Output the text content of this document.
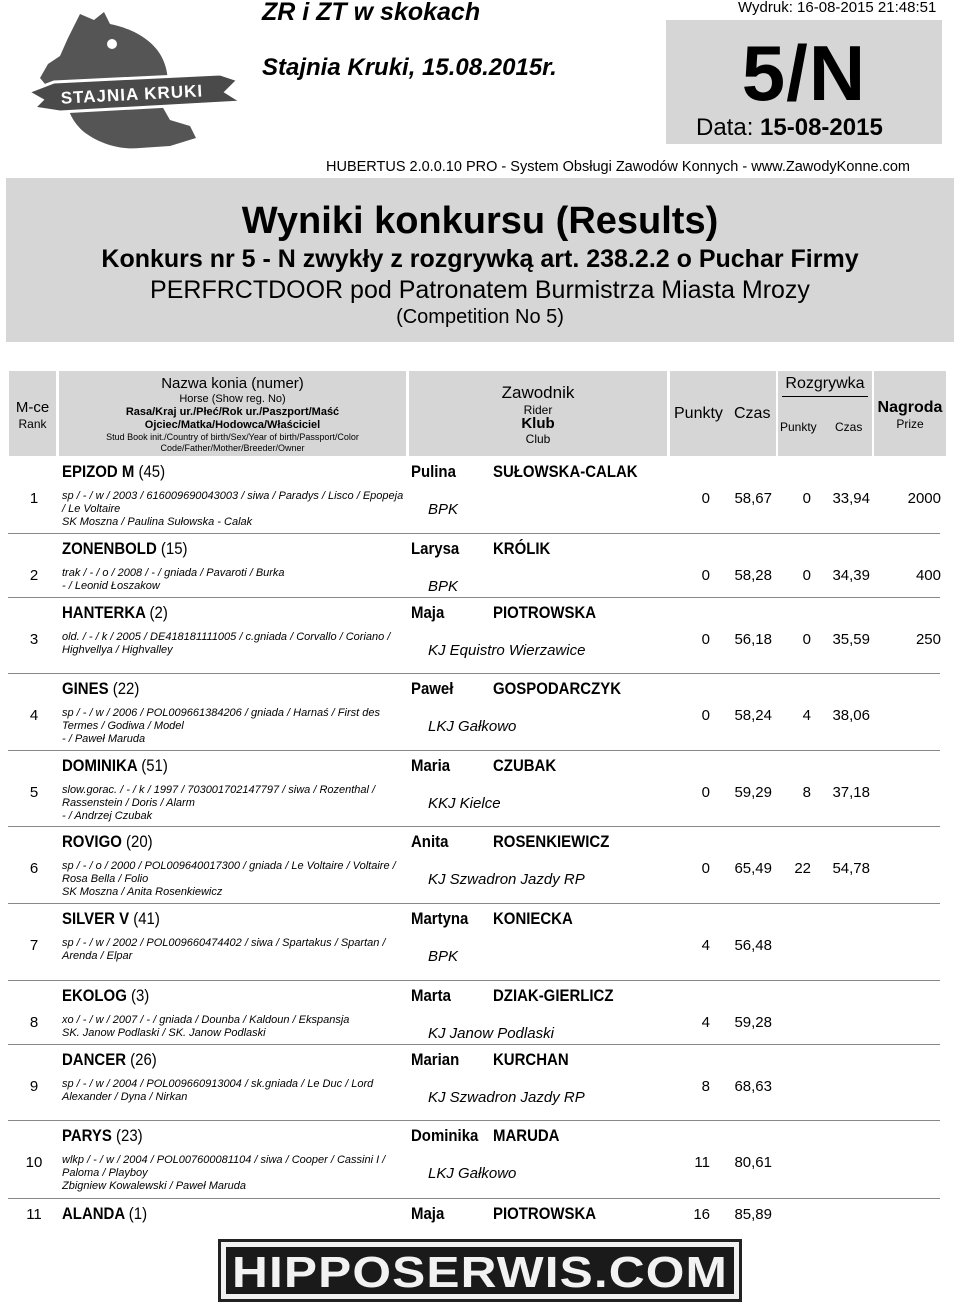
STAJNIA KRUKI
ZR i ZT w skokach
Stajnia Kruki, 15.08.2015r.
Wydruk: 16-08-2015 21:48:51
5/N
Data: 15-08-2015
HUBERTUS 2.0.0.10 PRO - System Obsługi Zawodów Konnych - www.ZawodyKonne.com
Wyniki konkursu (Results)
Konkurs nr 5 - N zwykły z rozgrywką art. 238.2.2 o Puchar Firmy
PERFRCTDOOR pod Patronatem Burmistrza Miasta Mrozy
(Competition No 5)
M-ce
Rank
Nazwa konia (numer)
Horse (Show reg. No)
Rasa/Kraj ur./Płeć/Rok ur./Paszport/Maść
Ojciec/Matka/Hodowca/Właściciel
Stud Book init./Country of birth/Sex/Year of birth/Passport/Color
Code/Father/Mother/Breeder/Owner
Zawodnik
Rider
Klub
Club
Punkty Czas
Rozgrywka
Punkty Czas
Nagroda
Prize
1
EPIZOD M (45)	Pulina SUŁOWSKA-CALAK
sp / - / w / 2003 / 616009690043003 / siwa / Paradys / Lisco / Epopeja / Le Voltaire
SK Moszna / Paulina Sułowska - Calak
BPK
0 58,67	0 33,94	2000
2
ZONENBOLD (15)	Larysa KRÓLIK
trak / - / o / 2008 / - / gniada / Pavaroti / Burka
- / Leonid Łoszakow	BPK
0 58,28	0 34,39	400
3
HANTERKA (2)	Maja	PIOTROWSKA
old. / - / k / 2005 / DE418181111005 / c.gniada / Corvallo / Coriano / Highvellya / Highvalley	KJ Equistro Wierzawice
0 56,18	0 35,59	250
4
GINES (22)	Paweł GOSPODARCZYK
sp / - / w / 2006 / POL009661384206 / gniada / Harnaś / First des Termes / Godiwa / Model
- / Paweł Maruda
LKJ Gałkowo
0 58,24	4 38,06
5
DOMINIKA (51)	Maria	CZUBAK
slow.gorac. / - / k / 1997 / 703001702147797 / siwa / Rozenthal / Rassenstein / Doris / Alarm
- / Andrzej Czubak
KKJ Kielce
0 59,29	8 37,18
6
ROVIGO (20)	Anita	ROSENKIEWICZ
sp / - / o / 2000 / POL009640017300 / gniada / Le Voltaire / Voltaire / Rosa Bella / Folio
SK Moszna / Anita Rosenkiewicz
KJ Szwadron Jazdy RP
0 65,49 22 54,78
7
SILVER V (41)	Martyna KONIECKA
sp / - / w / 2002 / POL009660474402 / siwa / Spartakus / Spartan / Arenda / Elpar	BPK
4 56,48
8
EKOLOG (3)	Marta DZIAK-GIERLICZ
xo / - / w / 2007 / - / gniada / Dounba / Kaldoun / Ekspansja
SK. Janow Podlaski / SK. Janow Podlaski	KJ Janow Podlaski
4 59,28
9
DANCER (26)	Marian KURCHAN
sp / - / w / 2004 / POL009660913004 / sk.gniada / Le Duc / Lord Alexander / Dyna / Nirkan	KJ Szwadron Jazdy RP
8 68,63
10
PARYS (23)	Dominika MARUDA
wlkp / - / w / 2004 / POL007600081104 / siwa / Cooper / Cassini I / Paloma / Playboy
Zbigniew Kowalewski / Paweł Maruda
LKJ Gałkowo
11 80,61
11	ALANDA (1)	Maja	PIOTROWSKA	16 85,89
HIPPOSERWIS.COM
